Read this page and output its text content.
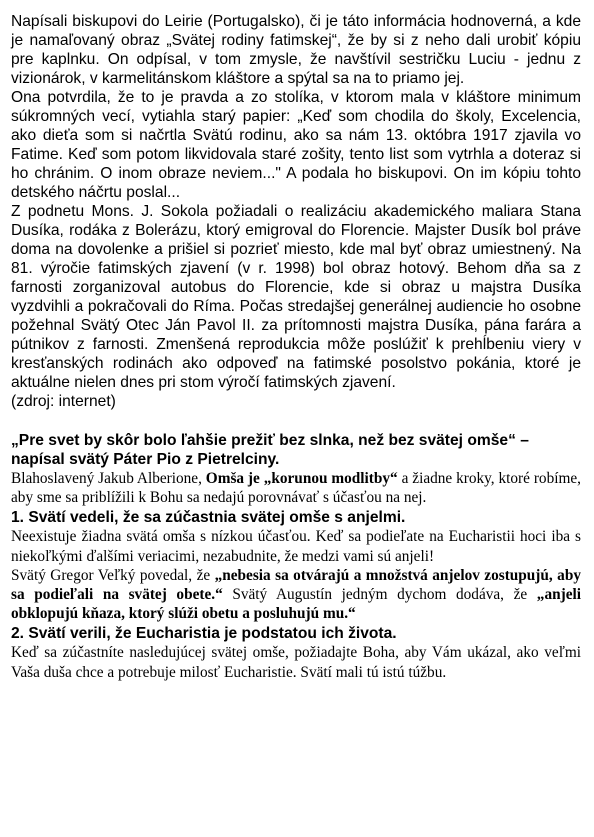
Napísali biskupovi do Leirie (Portugalsko), či je táto informácia hodnoverná, a kde je namaľovaný obraz „Svätej rodiny fatimskej“, že by si z neho dali urobiť kópiu pre kaplnku. On odpísal, v tom zmysle, že navštívil sestričku Luciu - jednu z vizionárok, v karmelitánskom kláštore a spýtal sa na to priamo jej.

Ona potvrdila, že to je pravda a zo stolíka, v ktorom mala v kláštore minimum súkromných vecí, vytiahla starý papier: „Keď som chodila do školy, Excelencia, ako dieťa som si načrtla Svätú rodinu, ako sa nám 13. októbra 1917 zjavila vo Fatime. Keď som potom likvidovala staré zošity, tento list som vytrhla a doteraz si ho chránim. O inom obraze neviem..." A podala ho biskupovi. On im kópiu tohto detského náčrtu poslal...

Z podnetu Mons. J. Sokola požiadali o realizáciu akademického maliara Stana Dusíka, rodáka z Bolerázu, ktorý emigroval do Florencie. Majster Dusík bol práve doma na dovolenke a prišiel si pozrieť miesto, kde mal byť obraz umiestnený. Na 81. výročie fatimských zjavení (v r. 1998) bol obraz hotový. Behom dňa sa z farnosti zorganizoval autobus do Florencie, kde si obraz u majstra Dusíka vyzdvihli a pokračovali do Ríma. Počas stredajšej generálnej audiencie ho osobne požehnal Svätý Otec Ján Pavol II. za prítomnosti majstra Dusíka, pána farára a pútnikov z farnosti. Zmenšená reprodukcia môže poslúžiť k prehĺbeniu viery v kresťanských rodinách ako odpoveď na fatimské posolstvo pokánia, ktoré je aktuálne nielen dnes pri stom výročí fatimských zjavení.

(zdroj: internet)

„Pre svet by skôr bolo ľahšie prežiť bez slnka, než bez svätej omše“ – napísal svätý Páter Pio z Pietrelciny.

Blahoslavený Jakub Alberione, Omša je „korunou modlitby“ a žiadne kroky, ktoré robíme, aby sme sa priblížili k Bohu sa nedajú porovnávať s účasťou na nej.

1. Svätí vedeli, že sa zúčastnia svätej omše s anjelmi.

Neexistuje žiadna svätá omša s nízkou účasťou. Keď sa podieľate na Eucharistii hoci iba s niekoľkými ďalšími veriacimi, nezabudnite, že medzi vami sú anjeli!

Svätý Gregor Veľký povedal, že „nebesia sa otvárajú a množstvá anjelov zostupujú, aby sa podieľali na svätej obete.“ Svätý Augustín jedným dychom dodáva, že „anjeli obklopujú kňaza, ktorý slúži obetu a posluhujú mu.“

2. Svätí verili, že Eucharistia je podstatou ich života.

Keď sa zúčastníte nasledujúcej svätej omše, požiadajte Boha, aby Vám ukázal, ako veľmi Vaša duša chce a potrebuje milosť Eucharistie. Svätí mali tú istú túžbu.
